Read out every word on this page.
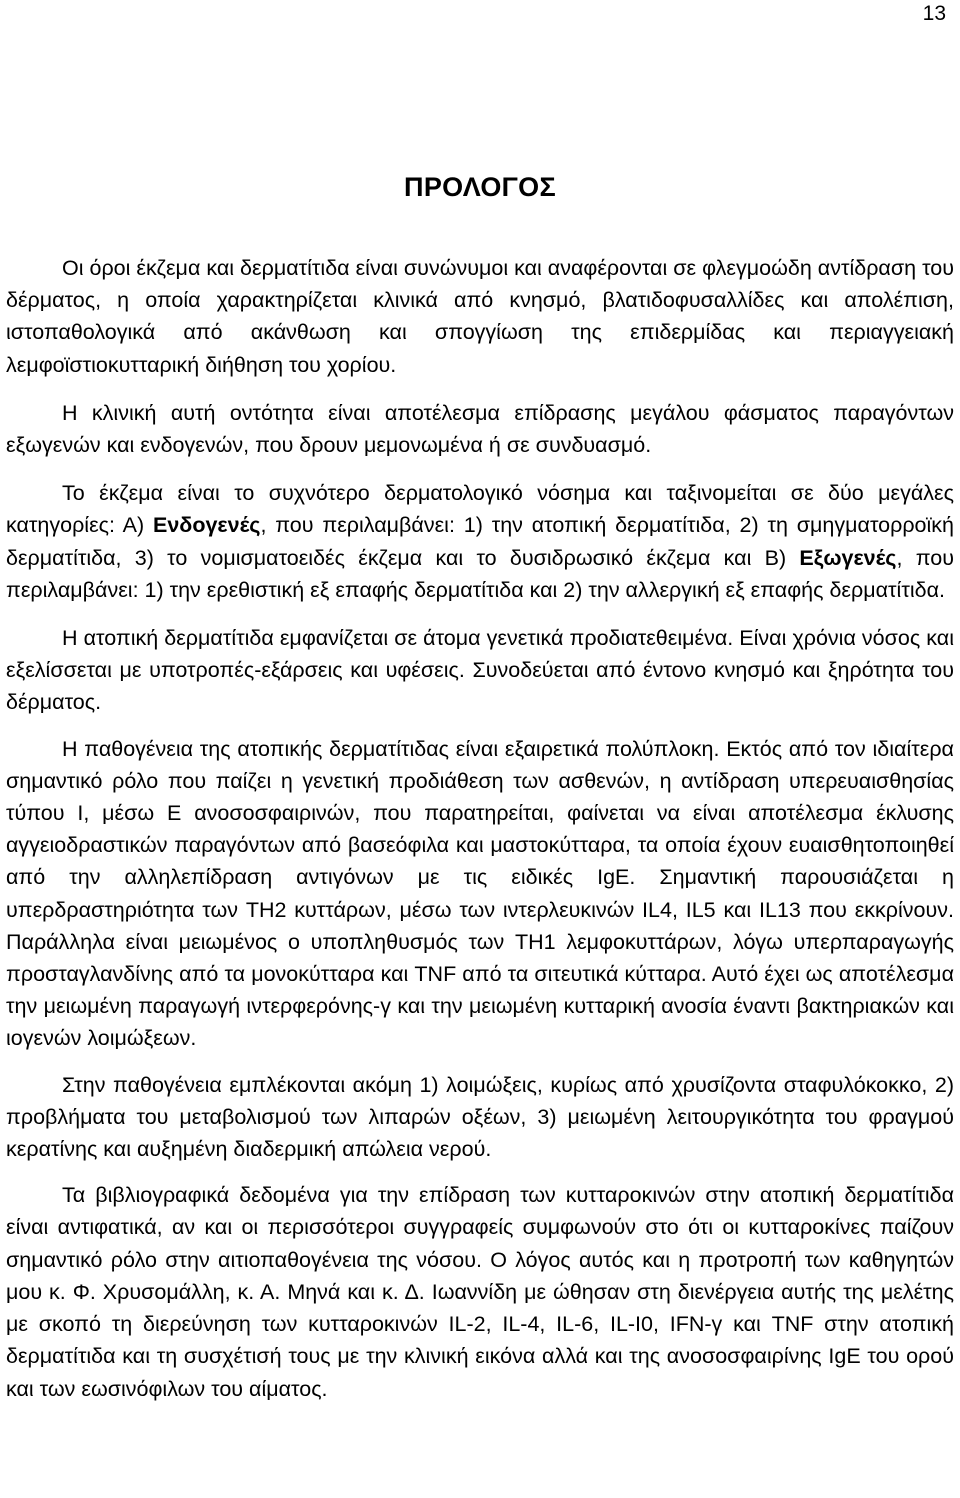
13
ΠΡΟΛΟΓΟΣ

Οι όροι έκζεμα και δερματίτιδα είναι συνώνυμοι και αναφέρονται σε φλεγμοώδη αντίδραση του δέρματος, η οποία χαρακτηρίζεται κλινικά από κνησμό, βλατιδοφυσαλλίδες και απολέπιση, ιστοπαθολογικά από ακάνθωση και σπογγίωση της επιδερμίδας και περιαγγειακή λεμφοϊστιοκυτταρική διήθηση του χορίου.

Η κλινική αυτή οντότητα είναι αποτέλεσμα επίδρασης μεγάλου φάσματος παραγόντων εξωγενών και ενδογενών, που δρουν μεμονωμένα ή σε συνδυασμό.

Το έκζεμα είναι το συχνότερο δερματολογικό νόσημα και ταξινομείται σε δύο μεγάλες κατηγορίες: Α) Ενδογενές, που περιλαμβάνει: 1) την ατοπική δερματίτιδα, 2) τη σμηγματορροϊκή δερματίτιδα, 3) το νομισματοειδές έκζεμα και το δυσιδρωσικό έκζεμα και Β) Εξωγενές, που περιλαμβάνει: 1) την ερεθιστική εξ επαφής δερματίτιδα και 2) την αλλεργική εξ επαφής δερματίτιδα.

Η ατοπική δερματίτιδα εμφανίζεται σε άτομα γενετικά προδιατεθειμένα. Είναι χρόνια νόσος και εξελίσσεται με υποτροπές-εξάρσεις και υφέσεις. Συνοδεύεται από έντονο κνησμό και ξηρότητα του δέρματος.

Η παθογένεια της ατοπικής δερματίτιδας είναι εξαιρετικά πολύπλοκη. Εκτός από τον ιδιαίτερα σημαντικό ρόλο που παίζει η γενετική προδιάθεση των ασθενών, η αντίδραση υπερευαισθησίας τύπου Ι, μέσω Ε ανοσοσφαιρινών, που παρατηρείται, φαίνεται να είναι αποτέλεσμα έκλυσης αγγειοδραστικών παραγόντων από βασεόφιλα και μαστοκύτταρα, τα οποία έχουν ευαισθητοποιηθεί από την αλληλεπίδραση αντιγόνων με τις ειδικές IgE. Σημαντική παρουσιάζεται η υπερδραστηριότητα των TH2 κυττάρων, μέσω των ιντερλευκινών IL4, IL5 και IL13 που εκκρίνουν. Παράλληλα είναι μειωμένος ο υποπληθυσμός των TH1 λεμφοκυττάρων, λόγω υπερπαραγωγής προσταγλανδίνης από τα μονοκύτταρα και TNF από τα σιτευτικά κύτταρα. Αυτό έχει ως αποτέλεσμα την μειωμένη παραγωγή ιντερφερόνης-γ και την μειωμένη κυτταρική ανοσία έναντι βακτηριακών και ιογενών λοιμώξεων.

Στην παθογένεια εμπλέκονται ακόμη 1) λοιμώξεις, κυρίως από χρυσίζοντα σταφυλόκοκκο, 2) προβλήματα του μεταβολισμού των λιπαρών οξέων, 3) μειωμένη λειτουργικότητα του φραγμού κερατίνης και αυξημένη διαδερμική απώλεια νερού.

Τα βιβλιογραφικά δεδομένα για την επίδραση των κυτταροκινών στην ατοπική δερματίτιδα είναι αντιφατικά, αν και οι περισσότεροι συγγραφείς συμφωνούν στο ότι οι κυτταροκίνες παίζουν σημαντικό ρόλο στην αιτιοπαθογένεια της νόσου. Ο λόγος αυτός και η προτροπή των καθηγητών μου κ. Φ. Χρυσομάλλη, κ. Α. Μηνά και κ. Δ. Ιωαννίδη με ώθησαν στη διενέργεια αυτής της μελέτης με σκοπό τη διερεύνηση των κυτταροκινών IL-2, IL-4, IL-6, IL-I0, IFN-γ και TNF στην ατοπική δερματίτιδα και τη συσχέτισή τους με την κλινική εικόνα αλλά και της ανοσοσφαιρίνης IgE του ορού και των εωσινόφιλων του αίματος.
